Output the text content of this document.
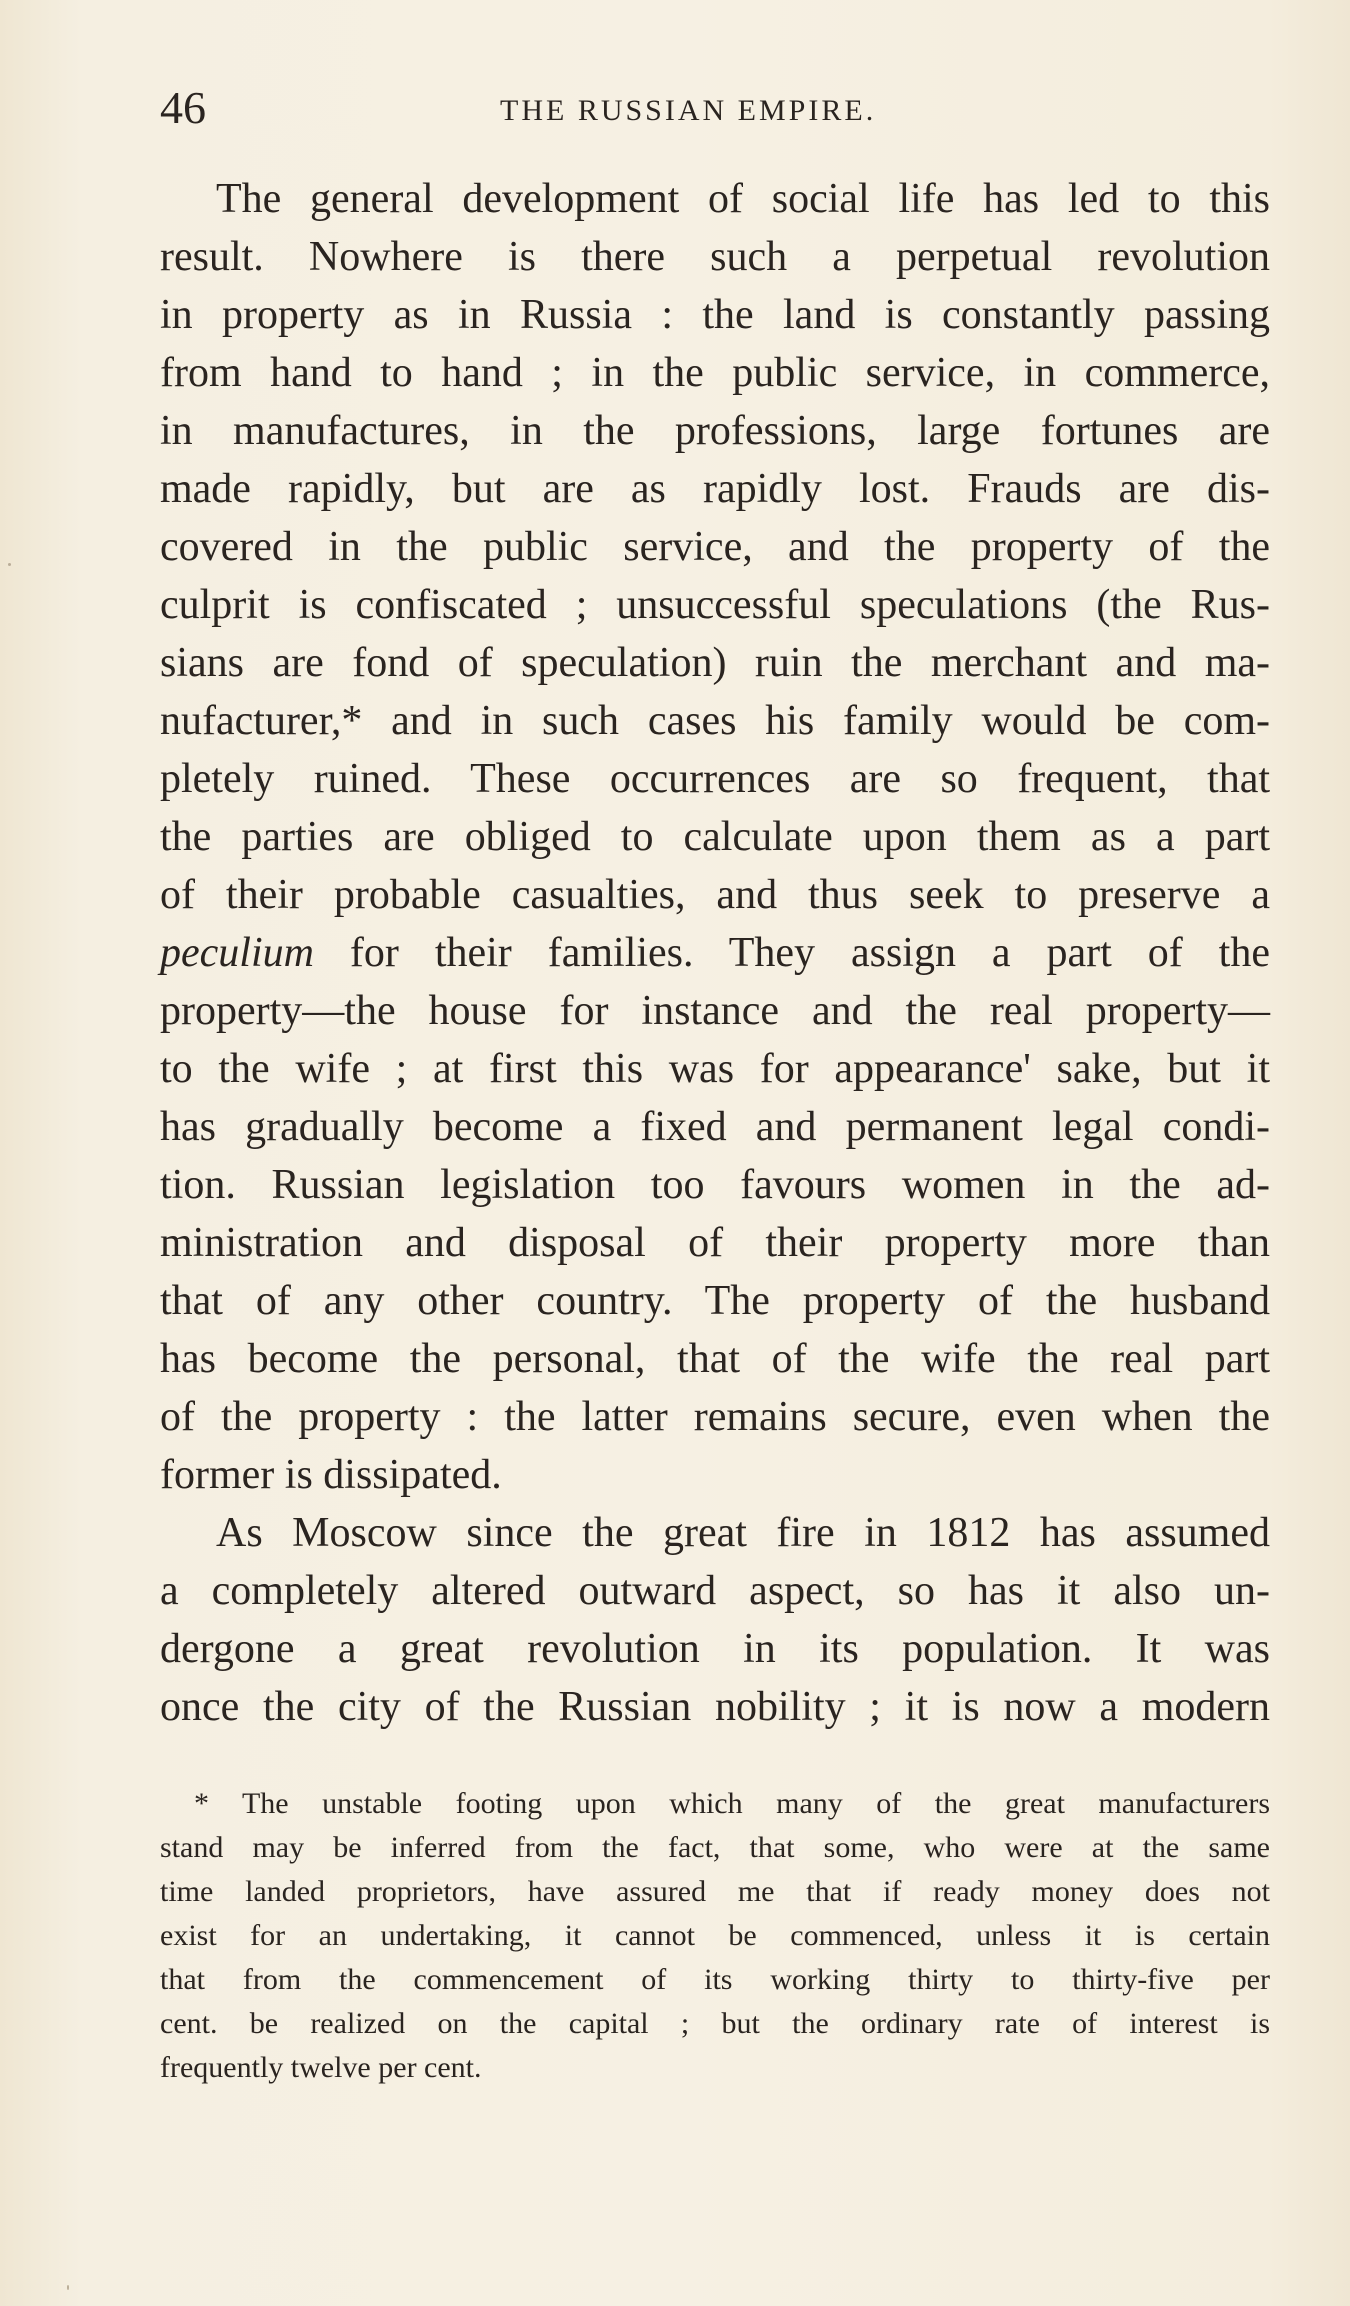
46	THE RUSSIAN EMPIRE.
The general development of social life has led to this
result. Nowhere is there such a perpetual revolution
in property as in Russia : the land is constantly passing
from hand to hand ; in the public service, in commerce,
in manufactures, in the professions, large fortunes are
made rapidly, but are as rapidly lost. Frauds are dis-
covered in the public service, and the property of the
culprit is confiscated ; unsuccessful speculations (the Rus-
sians are fond of speculation) ruin the merchant and ma-
nufacturer,* and in such cases his family would be com-
pletely ruined. These occurrences are so frequent, that
the parties are obliged to calculate upon them as a part
of their probable casualties, and thus seek to preserve a
peculium for their families. They assign a part of the
property—the house for instance and the real property—
to the wife ; at first this was for appearance' sake, but it
has gradually become a fixed and permanent legal condi-
tion. Russian legislation too favours women in the ad-
ministration and disposal of their property more than
that of any other country. The property of the husband
has become the personal, that of the wife the real part
of the property : the latter remains secure, even when the
former is dissipated.
As Moscow since the great fire in 1812 has assumed
a completely altered outward aspect, so has it also un-
dergone a great revolution in its population. It was
once the city of the Russian nobility ; it is now a modern
* The unstable footing upon which many of the great manufacturers
stand may be inferred from the fact, that some, who were at the same
time landed proprietors, have assured me that if ready money does not
exist for an undertaking, it cannot be commenced, unless it is certain
that from the commencement of its working thirty to thirty-five per
cent. be realized on the capital ; but the ordinary rate of interest is
frequently twelve per cent.
